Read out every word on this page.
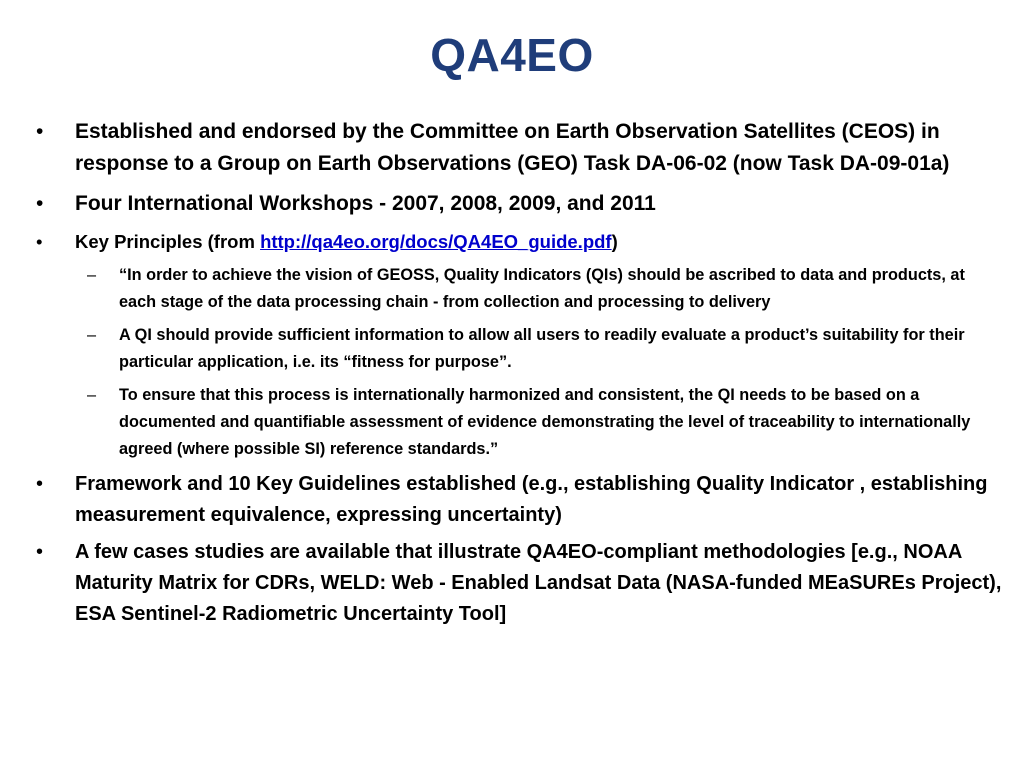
QA4EO
• Established and endorsed by the Committee on Earth Observation Satellites (CEOS) in response to a Group on Earth Observations (GEO) Task DA-06-02 (now Task DA-09-01a)
• Four International Workshops - 2007, 2008, 2009, and 2011
• Key Principles (from http://qa4eo.org/docs/QA4EO_guide.pdf)
– “In order to achieve the vision of GEOSS, Quality Indicators (QIs) should be ascribed to data and products, at each stage of the data processing chain - from collection and processing to delivery
– A QI should provide sufficient information to allow all users to readily evaluate a product’s suitability for their particular application, i.e. its “fitness for purpose”.
– To ensure that this process is internationally harmonized and consistent, the QI needs to be based on a documented and quantifiable assessment of evidence demonstrating the level of traceability to internationally agreed (where possible SI) reference standards.”
• Framework and 10 Key Guidelines established (e.g., establishing Quality Indicator , establishing measurement equivalence, expressing uncertainty)
• A few cases studies are available that illustrate QA4EO-compliant methodologies [e.g., NOAA Maturity Matrix for CDRs, WELD: Web - Enabled Landsat Data (NASA-funded MEaSUREs Project), ESA Sentinel-2 Radiometric Uncertainty Tool]
